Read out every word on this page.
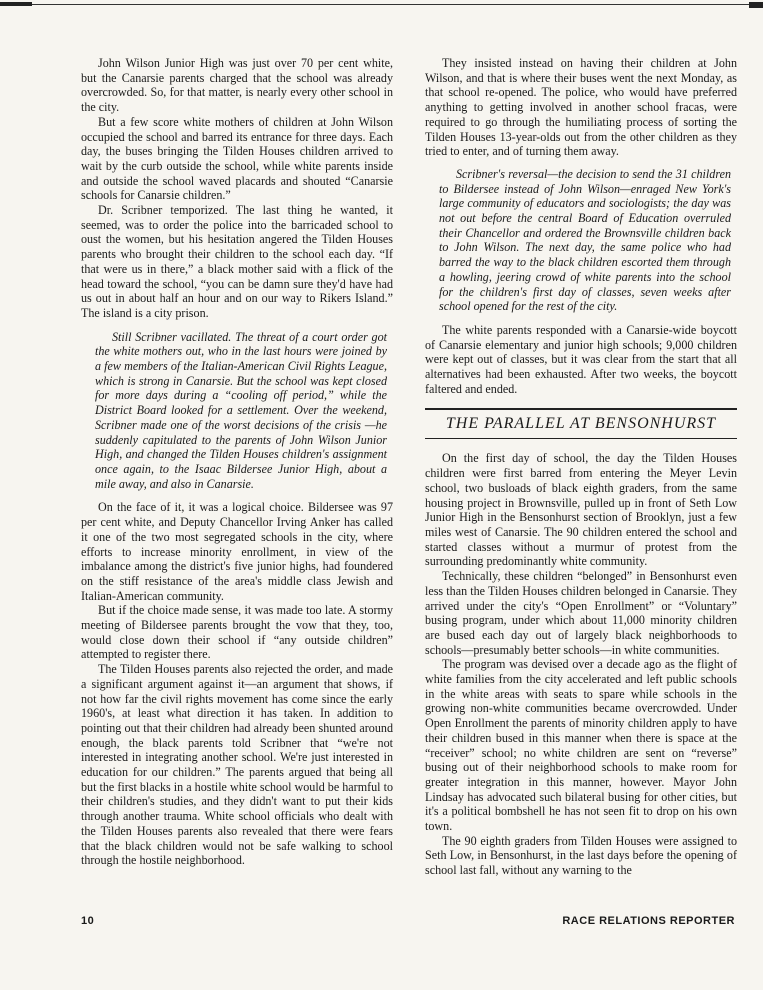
John Wilson Junior High was just over 70 per cent white, but the Canarsie parents charged that the school was already overcrowded. So, for that matter, is nearly every other school in the city.

But a few score white mothers of children at John Wilson occupied the school and barred its entrance for three days. Each day, the buses bringing the Tilden Houses children arrived to wait by the curb outside the school, while white parents inside and outside the school waved placards and shouted “Canarsie schools for Canarsie children.”

Dr. Scribner temporized. The last thing he wanted, it seemed, was to order the police into the barricaded school to oust the women, but his hesitation angered the Tilden Houses parents who brought their children to the school each day. “If that were us in there,” a black mother said with a flick of the head toward the school, “you can be damn sure they'd have had us out in about half an hour and on our way to Rikers Island.” The island is a city prison.

Still Scribner vacillated. The threat of a court order got the white mothers out, who in the last hours were joined by a few members of the Italian-American Civil Rights League, which is strong in Canarsie. But the school was kept closed for more days during a “cooling off period,” while the District Board looked for a settlement. Over the weekend, Scribner made one of the worst decisions of the crisis —he suddenly capitulated to the parents of John Wilson Junior High, and changed the Tilden Houses children's assignment once again, to the Isaac Bildersee Junior High, about a mile away, and also in Canarsie.

On the face of it, it was a logical choice. Bildersee was 97 per cent white, and Deputy Chancellor Irving Anker has called it one of the two most segregated schools in the city, where efforts to increase minority enrollment, in view of the imbalance among the district's five junior highs, had foundered on the stiff resistance of the area's middle class Jewish and Italian-American community.

But if the choice made sense, it was made too late. A stormy meeting of Bildersee parents brought the vow that they, too, would close down their school if “any outside children” attempted to register there.

The Tilden Houses parents also rejected the order, and made a significant argument against it—an argument that shows, if not how far the civil rights movement has come since the early 1960's, at least what direction it has taken. In addition to pointing out that their children had already been shunted around enough, the black parents told Scribner that “we're not interested in integrating another school. We're just interested in education for our children.” The parents argued that being all but the first blacks in a hostile white school would be harmful to their children's studies, and they didn't want to put their kids through another trauma. White school officials who dealt with the Tilden Houses parents also revealed that there were fears that the black children would not be safe walking to school through the hostile neighborhood.

They insisted instead on having their children at John Wilson, and that is where their buses went the next Monday, as that school re-opened. The police, who would have preferred anything to getting involved in another school fracas, were required to go through the humiliating process of sorting the Tilden Houses 13-year-olds out from the other children as they tried to enter, and of turning them away.

Scribner's reversal—the decision to send the 31 children to Bildersee instead of John Wilson—enraged New York's large community of educators and sociologists; the day was not out before the central Board of Education overruled their Chancellor and ordered the Brownsville children back to John Wilson. The next day, the same police who had barred the way to the black children escorted them through a howling, jeering crowd of white parents into the school for the children's first day of classes, seven weeks after school opened for the rest of the city.

The white parents responded with a Canarsie-wide boycott of Canarsie elementary and junior high schools; 9,000 children were kept out of classes, but it was clear from the start that all alternatives had been exhausted. After two weeks, the boycott faltered and ended.

THE PARALLEL AT BENSONHURST

On the first day of school, the day the Tilden Houses children were first barred from entering the Meyer Levin school, two busloads of black eighth graders, from the same housing project in Brownsville, pulled up in front of Seth Low Junior High in the Bensonhurst section of Brooklyn, just a few miles west of Canarsie. The 90 children entered the school and started classes without a murmur of protest from the surrounding predominantly white community.

Technically, these children “belonged” in Bensonhurst even less than the Tilden Houses children belonged in Canarsie. They arrived under the city's “Open Enrollment” or “Voluntary” busing program, under which about 11,000 minority children are bused each day out of largely black neighborhoods to schools—presumably better schools—in white communities.

The program was devised over a decade ago as the flight of white families from the city accelerated and left public schools in the white areas with seats to spare while schools in the growing non-white communities became overcrowded. Under Open Enrollment the parents of minority children apply to have their children bused in this manner when there is space at the “receiver” school; no white children are sent on “reverse” busing out of their neighborhood schools to make room for greater integration in this manner, however. Mayor John Lindsay has advocated such bilateral busing for other cities, but it's a political bombshell he has not seen fit to drop on his own town.

The 90 eighth graders from Tilden Houses were assigned to Seth Low, in Bensonhurst, in the last days before the opening of school last fall, without any warning to the

10	RACE RELATIONS REPORTER
